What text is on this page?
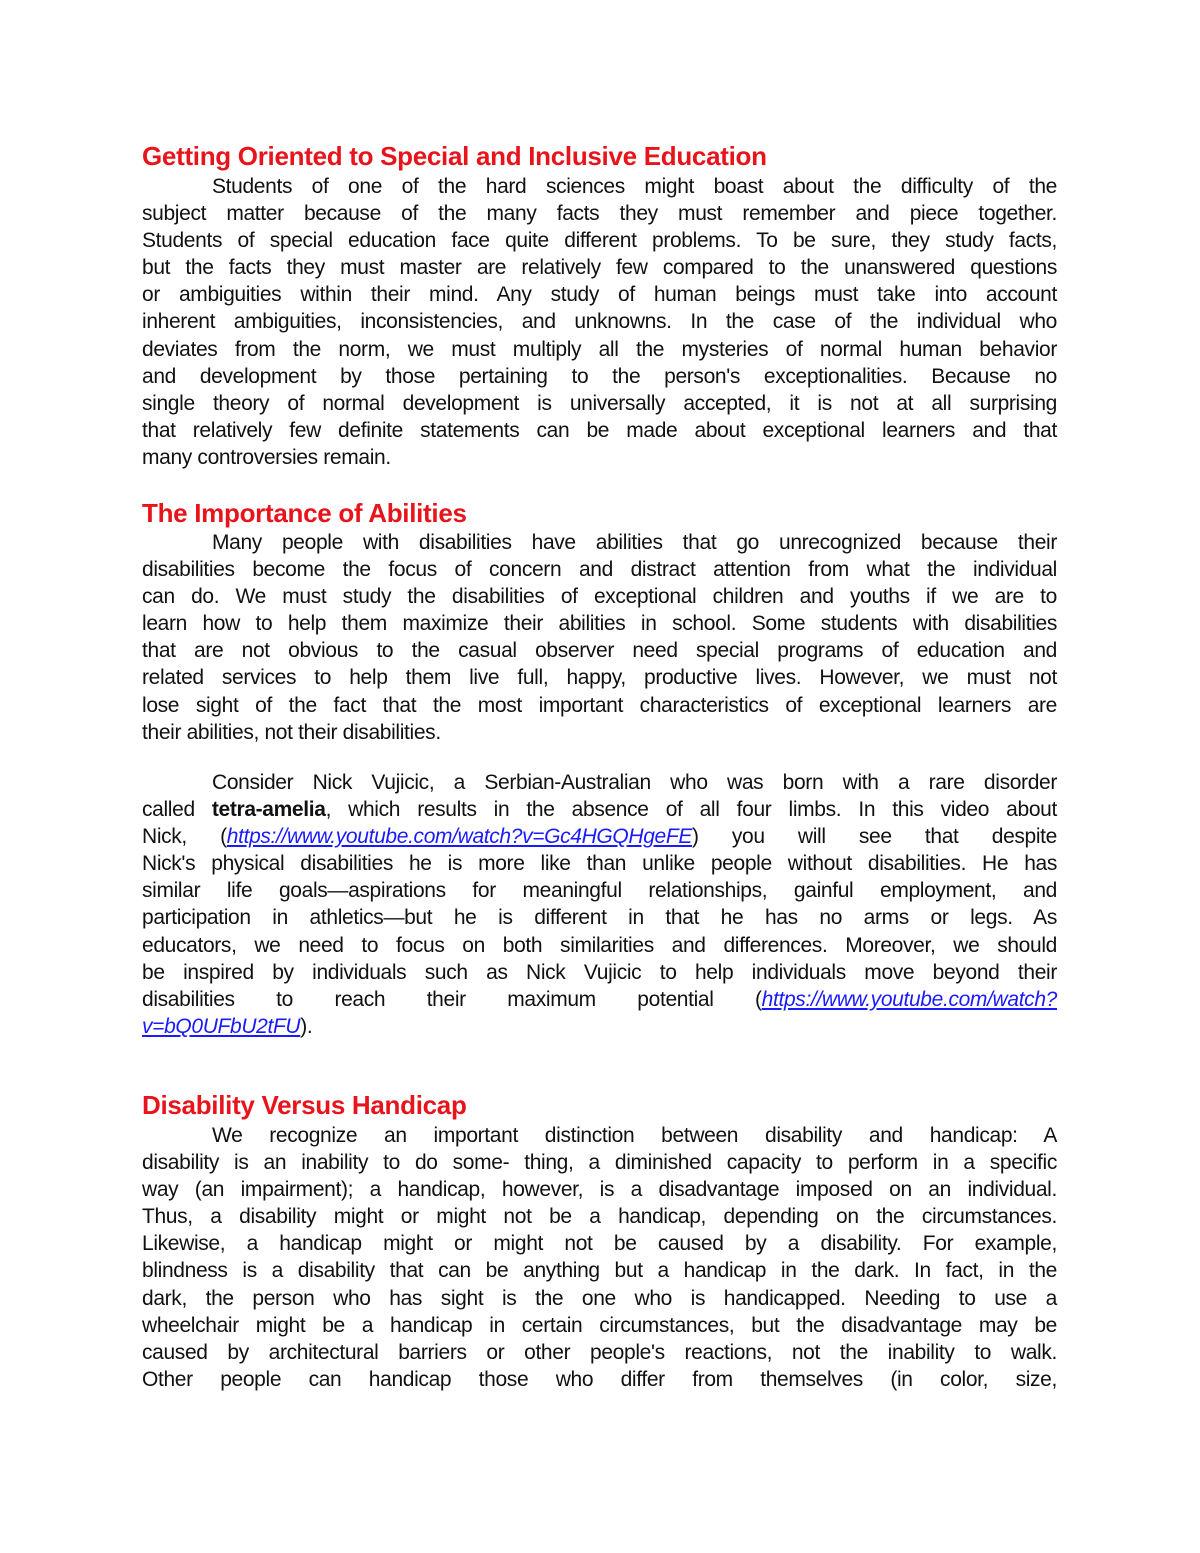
Getting Oriented to Special and Inclusive Education
Students of one of the hard sciences might boast about the difficulty of the
subject matter because of the many facts they must remember and piece together.
Students of special education face quite different problems. To be sure, they study facts,
but the facts they must master are relatively few compared to the unanswered questions
or ambiguities within their mind. Any study of human beings must take into account
inherent ambiguities, inconsistencies, and unknowns. In the case of the individual who
deviates from the norm, we must multiply all the mysteries of normal human behavior
and development by those pertaining to the person's exceptionalities. Because no
single theory of normal development is universally accepted, it is not at all surprising
that relatively few definite statements can be made about exceptional learners and that
many controversies remain.
The Importance of Abilities
Many people with disabilities have abilities that go unrecognized because their
disabilities become the focus of concern and distract attention from what the individual
can do. We must study the disabilities of exceptional children and youths if we are to
learn how to help them maximize their abilities in school. Some students with disabilities
that are not obvious to the casual observer need special programs of education and
related services to help them live full, happy, productive lives. However, we must not
lose sight of the fact that the most important characteristics of exceptional learners are
their abilities, not their disabilities.
Consider Nick Vujicic, a Serbian-Australian who was born with a rare disorder
called tetra-amelia, which results in the absence of all four limbs. In this video about
Nick, (https://www.youtube.com/watch?v=Gc4HGQHgeFE) you will see that despite
Nick's physical disabilities he is more like than unlike people without disabilities. He has
similar life goals—aspirations for meaningful relationships, gainful employment, and
participation in athletics—but he is different in that he has no arms or legs. As
educators, we need to focus on both similarities and differences. Moreover, we should
be inspired by individuals such as Nick Vujicic to help individuals move beyond their
disabilities to reach their maximum potential (https://www.youtube.com/watch?
v=bQ0UFbU2tFU).
Disability Versus Handicap
We recognize an important distinction between disability and handicap: A
disability is an inability to do some- thing, a diminished capacity to perform in a specific
way (an impairment); a handicap, however, is a disadvantage imposed on an individual.
Thus, a disability might or might not be a handicap, depending on the circumstances.
Likewise, a handicap might or might not be caused by a disability. For example,
blindness is a disability that can be anything but a handicap in the dark. In fact, in the
dark, the person who has sight is the one who is handicapped. Needing to use a
wheelchair might be a handicap in certain circumstances, but the disadvantage may be
caused by architectural barriers or other people's reactions, not the inability to walk.
Other people can handicap those who differ from themselves (in color, size,
